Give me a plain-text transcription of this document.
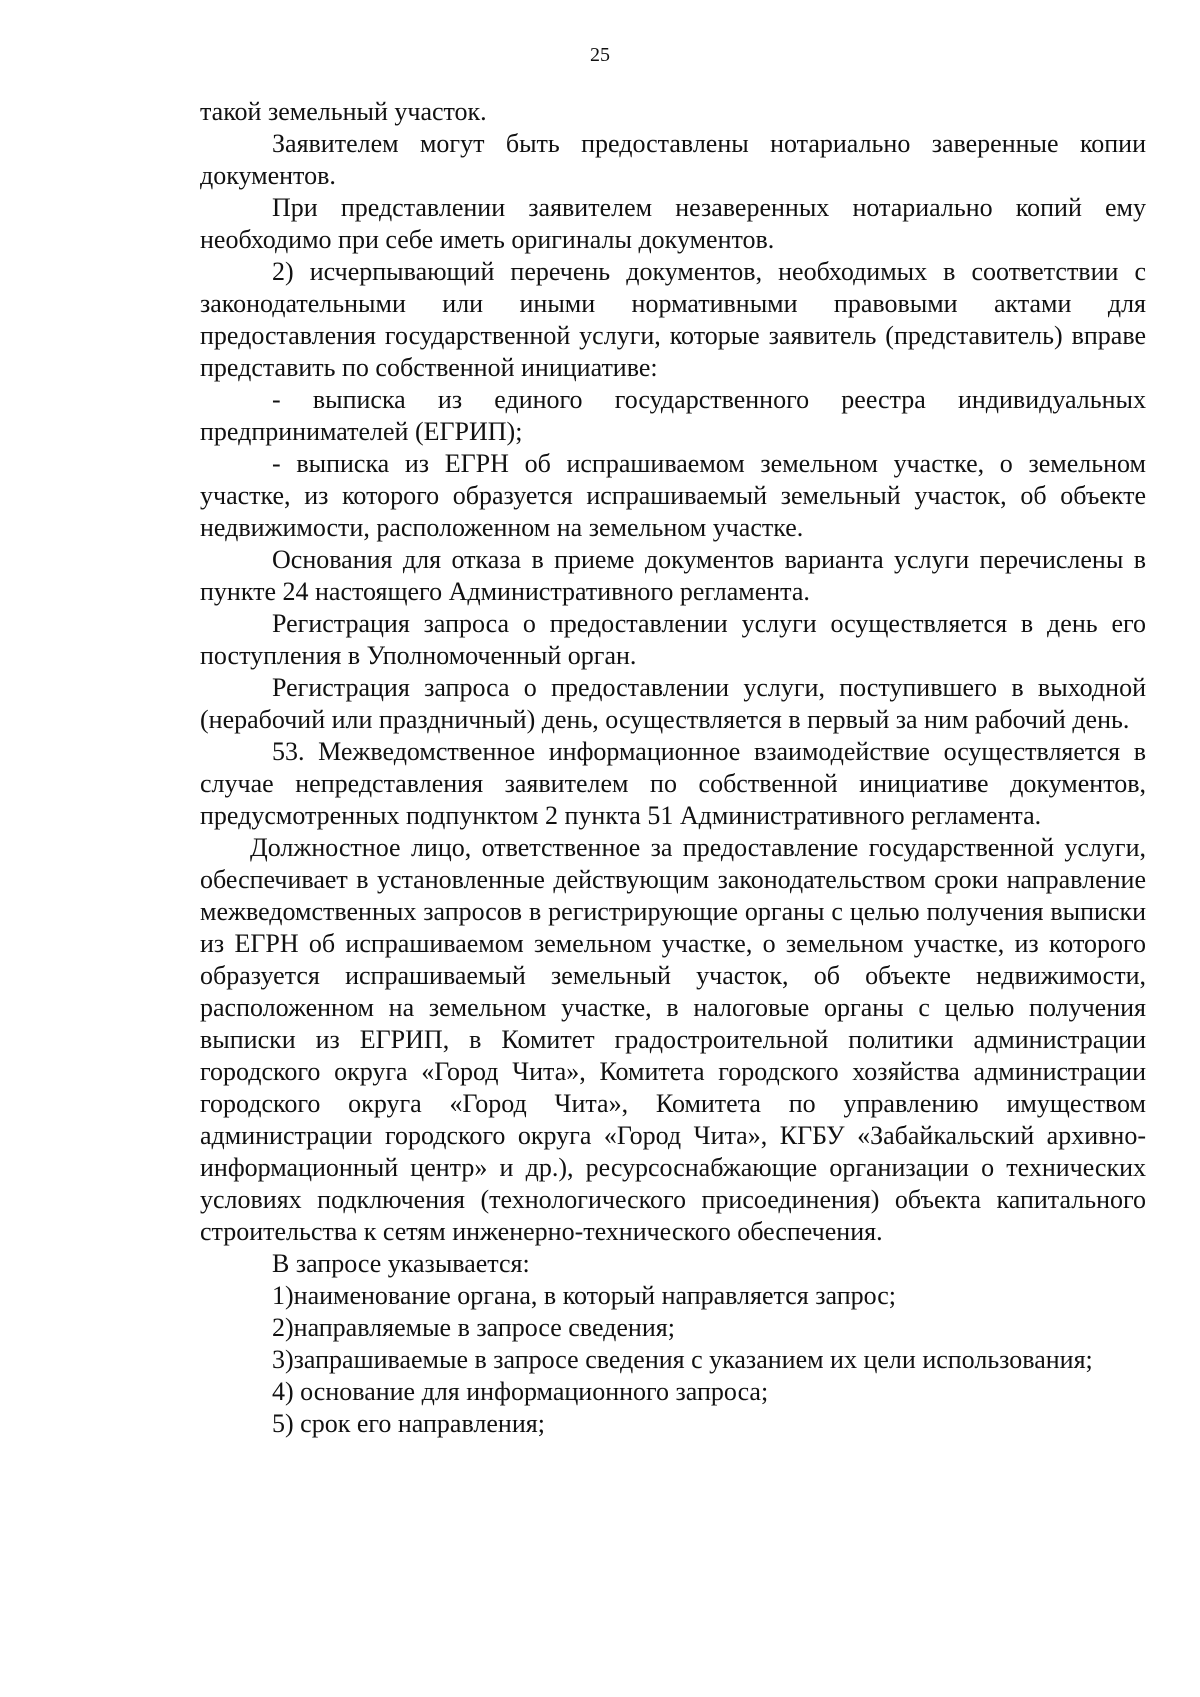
25

такой земельный участок.

Заявителем могут быть предоставлены нотариально заверенные копии документов.

При представлении заявителем незаверенных нотариально копий ему необходимо при себе иметь оригиналы документов.

2) исчерпывающий перечень документов, необходимых в соответствии с законодательными или иными нормативными правовыми актами для предоставления государственной услуги, которые заявитель (представитель) вправе представить по собственной инициативе:

- выписка из единого государственного реестра индивидуальных предпринимателей (ЕГРИП);

- выписка из ЕГРН об испрашиваемом земельном участке, о земельном участке, из которого образуется испрашиваемый земельный участок, об объекте недвижимости, расположенном на земельном участке.

Основания для отказа в приеме документов варианта услуги перечислены в пункте 24 настоящего Административного регламента.

Регистрация запроса о предоставлении услуги осуществляется в день его поступления в Уполномоченный орган.

Регистрация запроса о предоставлении услуги, поступившего в выходной (нерабочий или праздничный) день, осуществляется в первый за ним рабочий день.

53. Межведомственное информационное взаимодействие осуществляется в случае непредставления заявителем по собственной инициативе документов, предусмотренных подпунктом 2 пункта 51 Административного регламента.

Должностное лицо, ответственное за предоставление государственной услуги, обеспечивает в установленные действующим законодательством сроки направление межведомственных запросов в регистрирующие органы с целью получения выписки из ЕГРН об испрашиваемом земельном участке, о земельном участке, из которого образуется испрашиваемый земельный участок, об объекте недвижимости, расположенном на земельном участке, в налоговые органы с целью получения выписки из ЕГРИП, в Комитет градостроительной политики администрации городского округа «Город Чита», Комитета городского хозяйства администрации городского округа «Город Чита», Комитета по управлению имуществом администрации городского округа «Город Чита», КГБУ «Забайкальский архивно-информационный центр» и др.), ресурсоснабжающие организации о технических условиях подключения (технологического присоединения) объекта капитального строительства к сетям инженерно-технического обеспечения.

В запросе указывается:

1)наименование органа, в который направляется запрос;

2)направляемые в запросе сведения;

3)запрашиваемые в запросе сведения с указанием их цели использования;

4) основание для информационного запроса;

5) срок его направления;
